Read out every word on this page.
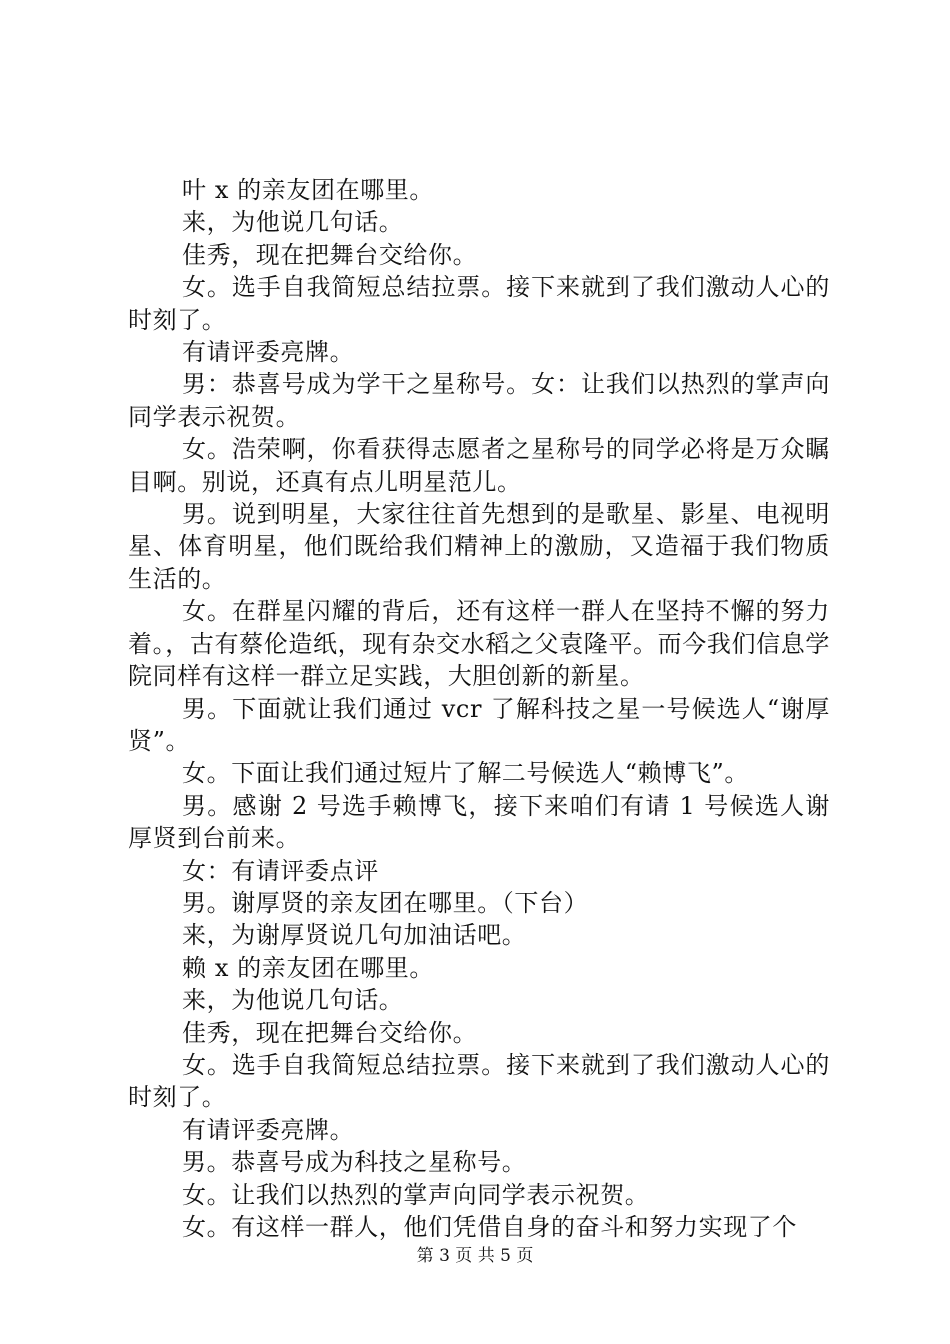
叶 x 的亲友团在哪里。

来，为他说几句话。

佳秀，现在把舞台交给你。

女。选手自我简短总结拉票。接下来就到了我们激动人心的时刻了。

有请评委亮牌。

男：恭喜号成为学干之星称号。女：让我们以热烈的掌声向同学表示祝贺。

女。浩荣啊，你看获得志愿者之星称号的同学必将是万众瞩目啊。别说，还真有点儿明星范儿。

男。说到明星，大家往往首先想到的是歌星、影星、电视明星、体育明星，他们既给我们精神上的激励，又造福于我们物质生活的。

女。在群星闪耀的背后，还有这样一群人在坚持不懈的努力着。，古有蔡伦造纸，现有杂交水稻之父袁隆平。而今我们信息学院同样有这样一群立足实践，大胆创新的新星。

男。下面就让我们通过 vcr 了解科技之星一号候选人“谢厚贤”。

女。下面让我们通过短片了解二号候选人“赖博飞”。

男。感谢 2 号选手赖博飞，接下来咱们有请 1 号候选人谢厚贤到台前来。

女：有请评委点评

男。谢厚贤的亲友团在哪里。（下台）

来，为谢厚贤说几句加油话吧。

赖 x 的亲友团在哪里。

来，为他说几句话。

佳秀，现在把舞台交给你。

女。选手自我简短总结拉票。接下来就到了我们激动人心的时刻了。

有请评委亮牌。

男。恭喜号成为科技之星称号。

女。让我们以热烈的掌声向同学表示祝贺。

女。有这样一群人，他们凭借自身的奋斗和努力实现了个

第 3 页 共 5 页
